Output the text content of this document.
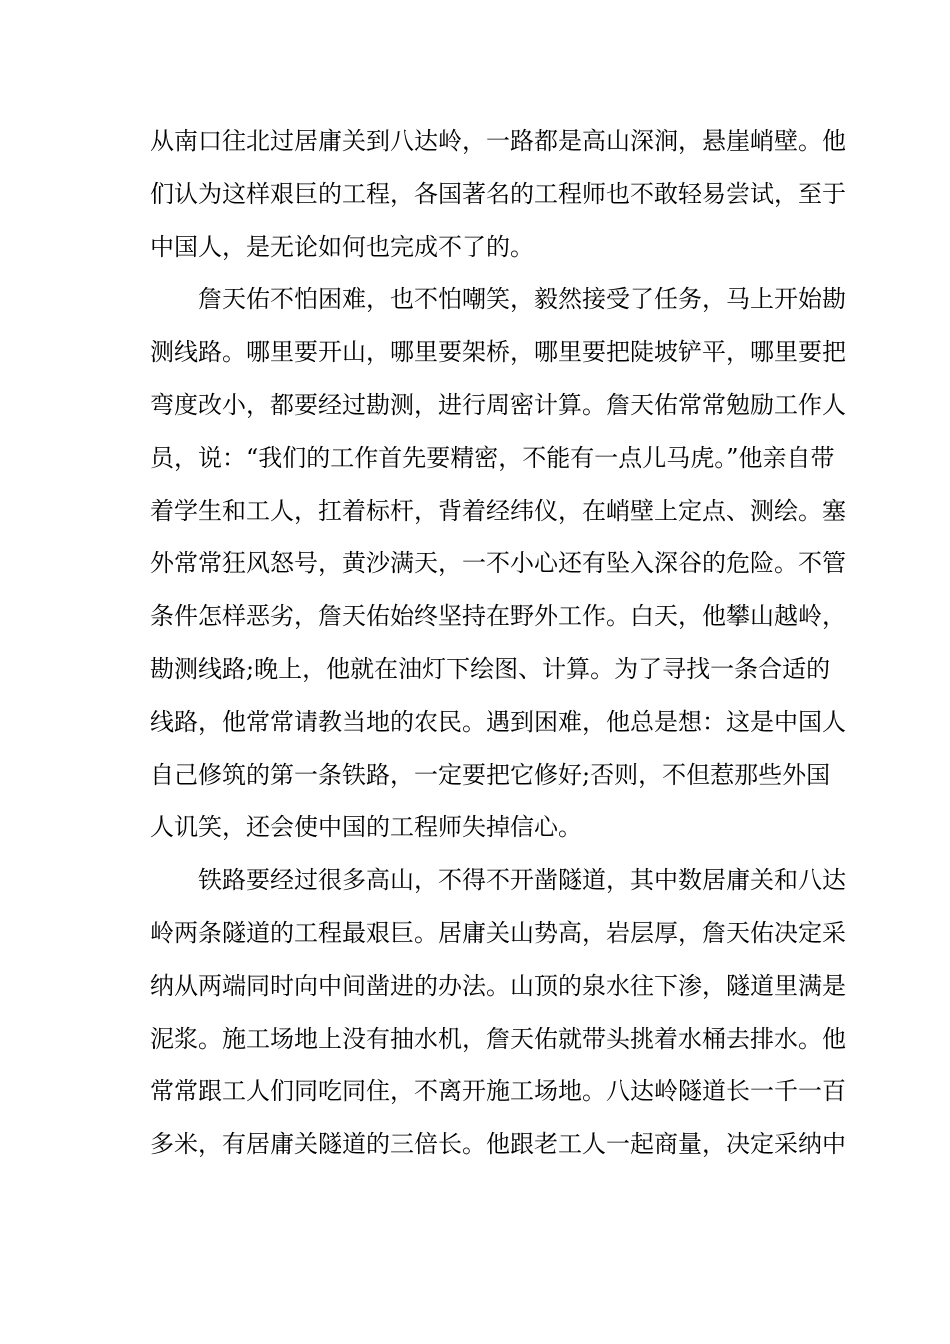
从南口往北过居庸关到八达岭，一路都是高山深涧，悬崖峭壁。他
们认为这样艰巨的工程，各国著名的工程师也不敢轻易尝试，至于
中国人，是无论如何也完成不了的。
詹天佑不怕困难，也不怕嘲笑，毅然接受了任务，马上开始勘
测线路。哪里要开山，哪里要架桥，哪里要把陡坡铲平，哪里要把
弯度改小，都要经过勘测，进行周密计算。詹天佑常常勉励工作人
员，说：“我们的工作首先要精密，不能有一点儿马虎。”他亲自带
着学生和工人，扛着标杆，背着经纬仪，在峭壁上定点、测绘。塞
外常常狂风怒号，黄沙满天，一不小心还有坠入深谷的危险。不管
条件怎样恶劣，詹天佑始终坚持在野外工作。白天，他攀山越岭，
勘测线路;晚上，他就在油灯下绘图、计算。为了寻找一条合适的
线路，他常常请教当地的农民。遇到困难，他总是想：这是中国人
自己修筑的第一条铁路，一定要把它修好;否则，不但惹那些外国
人讥笑，还会使中国的工程师失掉信心。
铁路要经过很多高山，不得不开凿隧道，其中数居庸关和八达
岭两条隧道的工程最艰巨。居庸关山势高，岩层厚，詹天佑决定采
纳从两端同时向中间凿进的办法。山顶的泉水往下渗，隧道里满是
泥浆。施工场地上没有抽水机，詹天佑就带头挑着水桶去排水。他
常常跟工人们同吃同住，不离开施工场地。八达岭隧道长一千一百
多米，有居庸关隧道的三倍长。他跟老工人一起商量，决定采纳中
